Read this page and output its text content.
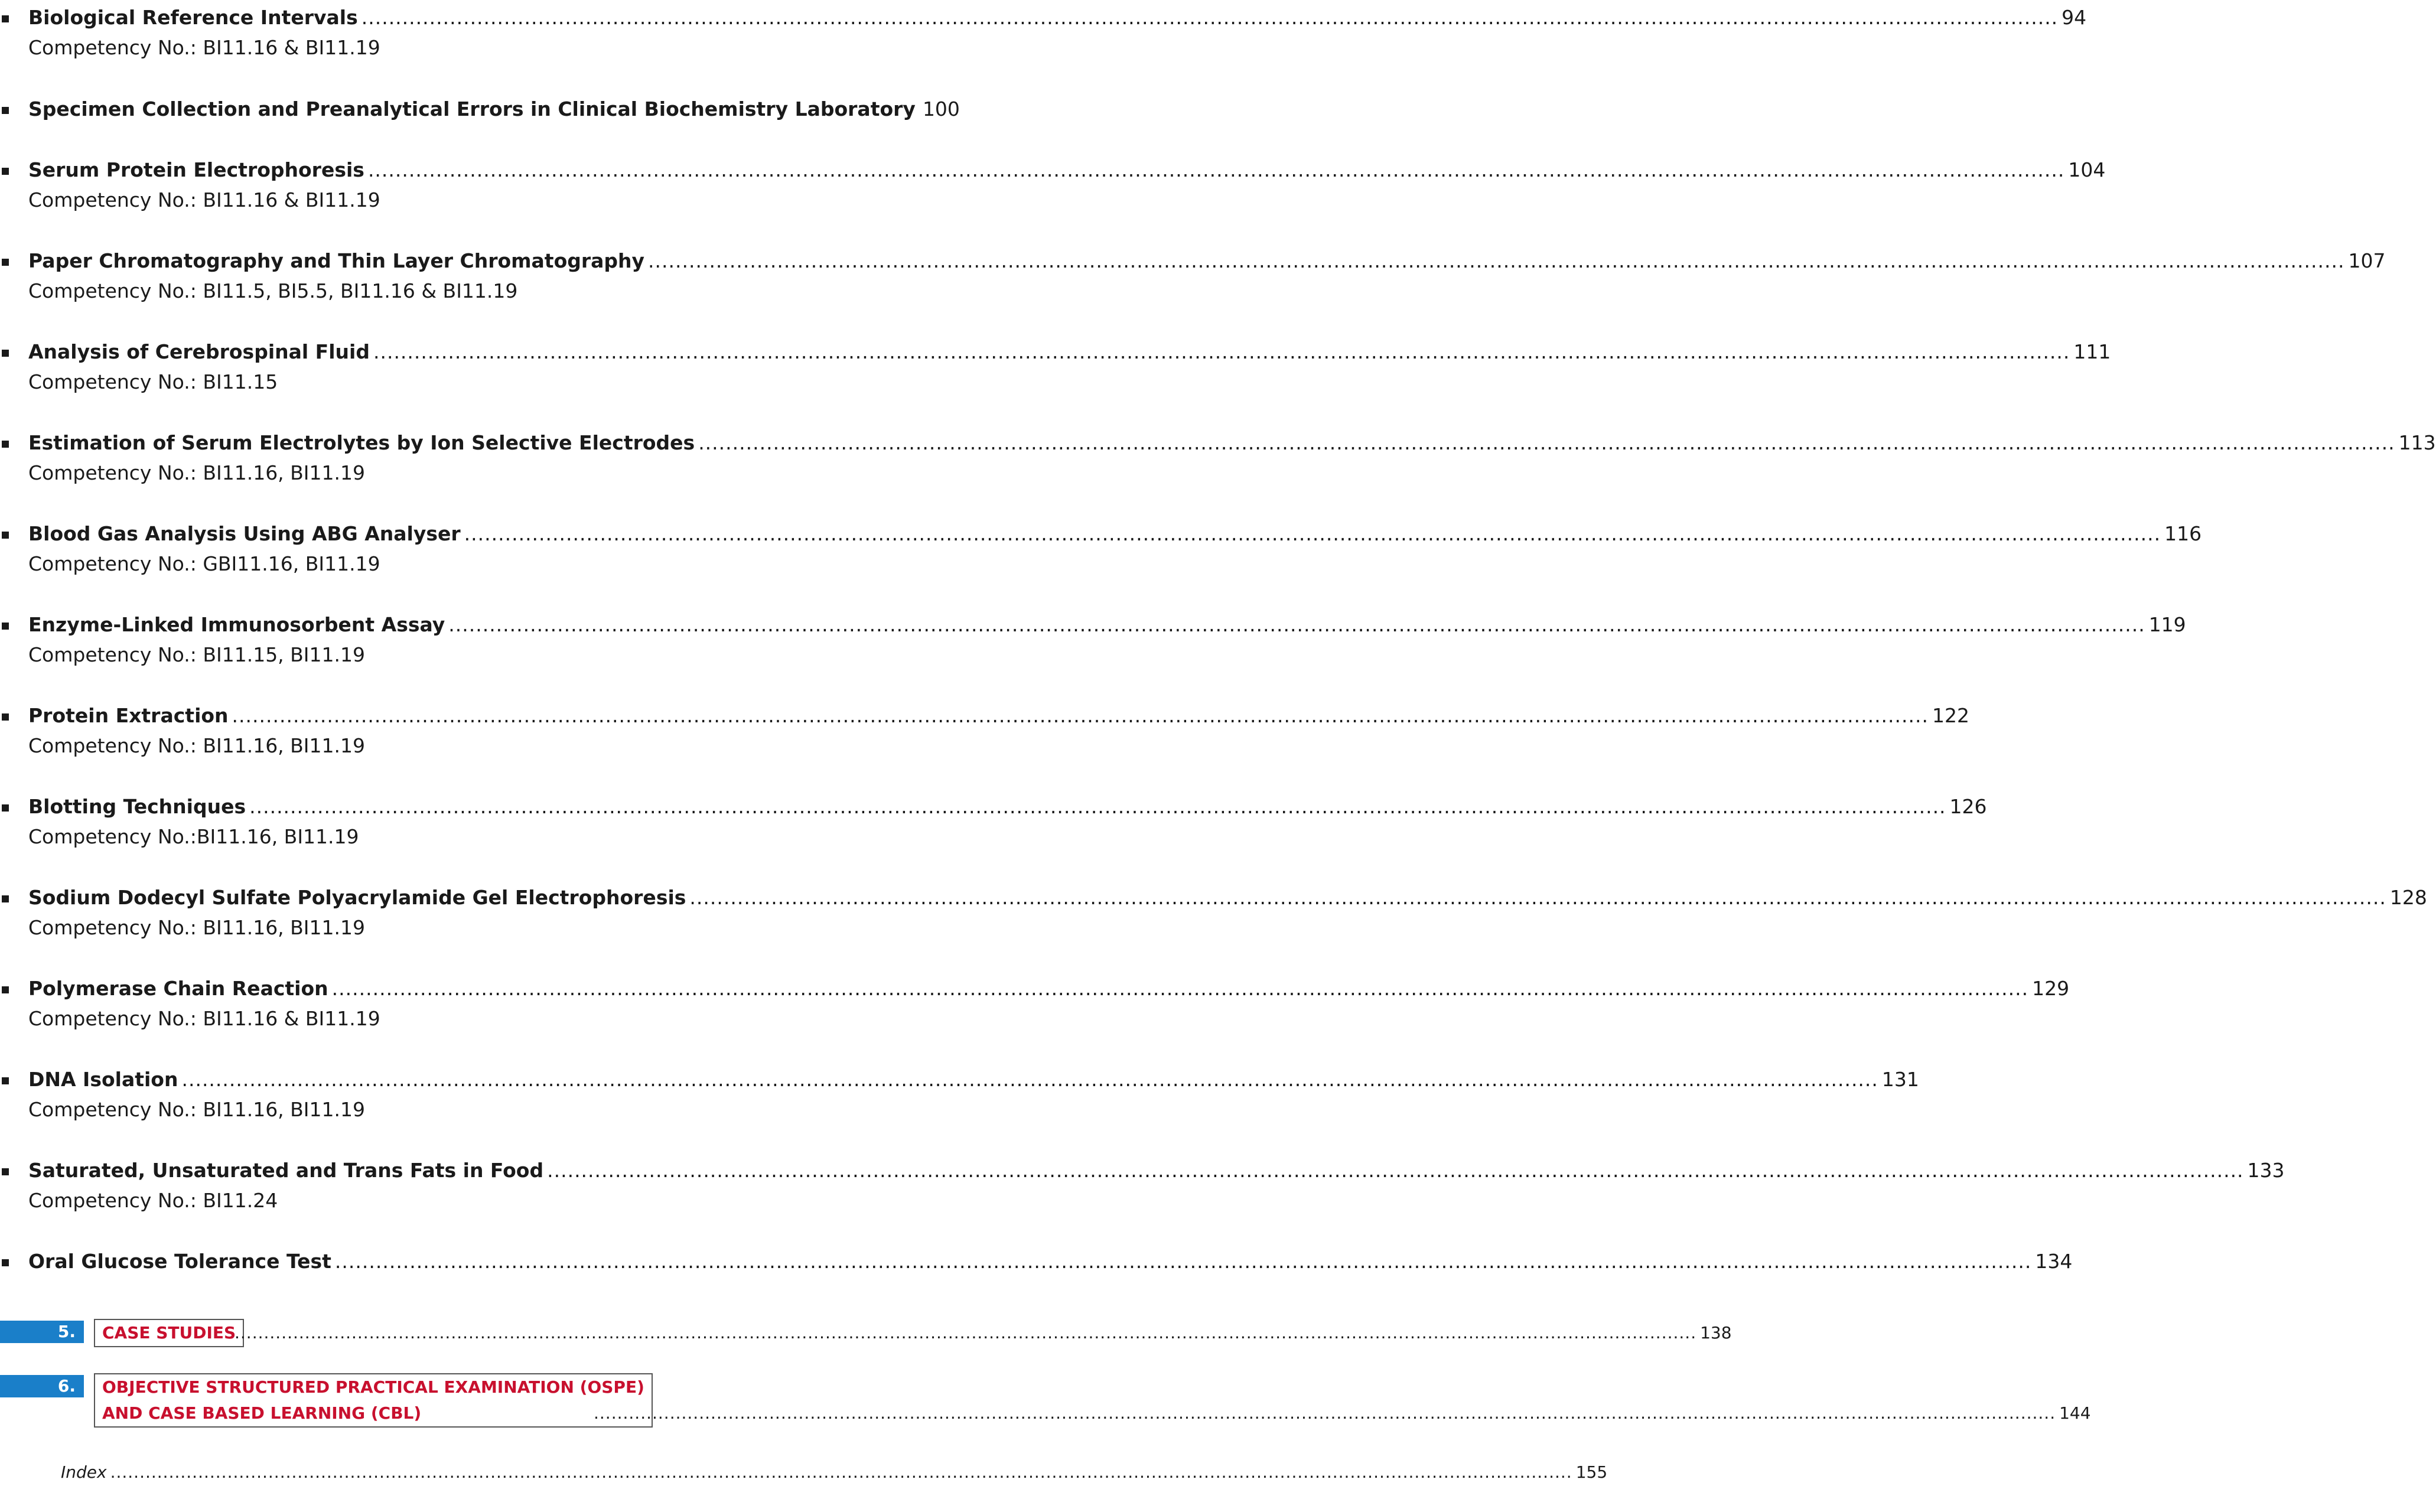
Biological Reference Intervals .....	94
Competency No.: BI11.16 & BI11.19
Specimen Collection and Preanalytical Errors in Clinical Biochemistry Laboratory 100
Serum Protein Electrophoresis .....	104
Competency No.: BI11.16 & BI11.19
Paper Chromatography and Thin Layer Chromatography .....	107
Competency No.: BI11.5, BI5.5, BI11.16 & BI11.19
Analysis of Cerebrospinal Fluid .....	111
Competency No.: BI11.15
Estimation of Serum Electrolytes by Ion Selective Electrodes .....	113
Competency No.: BI11.16, BI11.19
Blood Gas Analysis Using ABG Analyser .....	116
Competency No.: GBI11.16, BI11.19
Enzyme-Linked Immunosorbent Assay .....	119
Competency No.: BI11.15, BI11.19
Protein Extraction .....	122
Competency No.: BI11.16, BI11.19
Blotting Techniques .....	126
Competency No.:BI11.16, BI11.19
Sodium Dodecyl Sulfate Polyacrylamide Gel Electrophoresis .....	128
Competency No.: BI11.16, BI11.19
Polymerase Chain Reaction .....	129
Competency No.: BI11.16 & BI11.19
DNA Isolation .....	131
Competency No.: BI11.16, BI11.19
Saturated, Unsaturated and Trans Fats in Food .....	133
Competency No.: BI11.24
Oral Glucose Tolerance Test .....	134
5.	CASE STUDIES .....	138
6.	OBJECTIVE STRUCTURED PRACTICAL EXAMINATION (OSPE)
AND CASE BASED LEARNING (CBL) .....	144
Index .....	155
